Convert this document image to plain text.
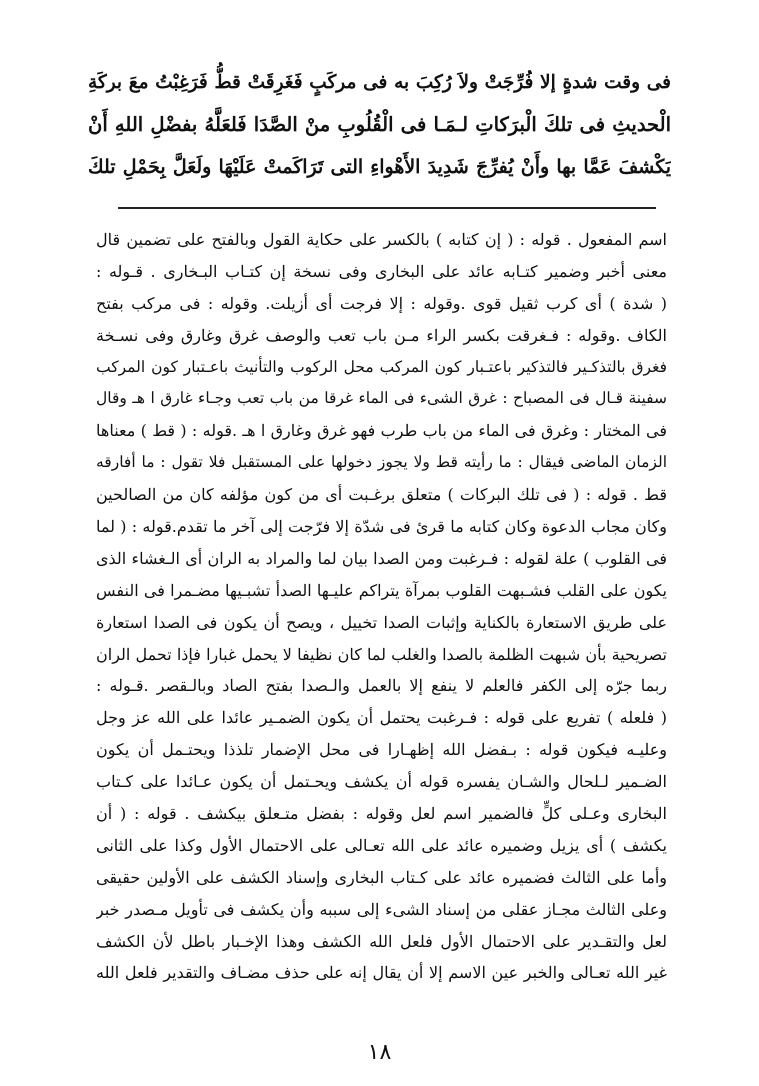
فى وقت شدةٍ إلا فُرِّجَتْ ولاَ رُكِبَ به فى مركَبٍ فَغَرِقَتْ قطُّ فَرَغِبْتُ معَ بركَةِ
الْحديثِ فى تلكَ الْبرَكاتِ لـمَـا فى الْقُلُوبِ منْ الصَّدَا فَلعَلَّهُ بفضْلِ اللهِ أَنْ
يَكْشفَ عَمَّا بها وأَنْ يُفرِّجَ شَدِيدَ الأَهْواءِ التى تَرَاكَمتْ عَلَيْهَا ولَعَلَّ بِحَمْلِ تلكَ
اسم المفعول . قوله : ( إن كتابه ) بالكسر على حكاية القول وبالفتح على تضمين قال
معنى أخبر وضمير كتـابه عائد على البخارى وفى نسخة إن كتـاب البـخارى . قـوله :
( شدة ) أى كرب ثقيل قوى .وقوله : إلا فرجت أى أزيلت. وقوله : فى مركب بفتح
الكاف .وقوله : فـغرقت بكسر الراء مـن باب تعب والوصف غرق وغارق وفى نسـخة
فغرق بالتذكـير فالتذكير باعتـبار كون المركب محل الركوب والتأنيث باعـتبار كون المركب
سفينة قـال فى المصباح : غرق الشىء فى الماء غرقا من باب تعب وجـاء غارق ا هـ وقال
فى المختار : وغرق فى الماء من باب طرب فهو غرق وغارق ا هـ .قوله : ( قط ) معناها
الزمان الماضى فيقال : ما رأيته قط ولا يجوز دخولها على المستقبل فلا تقول : ما أفارقه
قط . قوله : ( فى تلك البركات ) متعلق برغـبت أى من كون مؤلفه كان من الصالحين
وكان مجاب الدعوة وكان كتابه ما قرئ فى شدّة إلا فرّجت إلى آخر ما تقدم.قوله : ( لما
فى القلوب ) علة لقوله : فـرغبت ومن الصدا بيان لما والمراد به الران أى الـغشاء الذى
يكون على القلب فشـبهت القلوب بمرآة يتراكم عليـها الصدأ تشبـيها مضـمرا فى النفس
على طريق الاستعارة بالكناية وإثبات الصدا تخييل ، ويصح أن يكون فى الصدا استعارة
تصريحية بأن شبهت الظلمة بالصدا والغلب لما كان نظيفا لا يحمل غبارا فإذا تحمل الران
ربما جرّه إلى الكفر فالعلم لا ينفع إلا بالعمل والـصدا بفتح الصاد وبالـقصر .قـوله :
( فلعله ) تفريع على قوله : فـرغبت يحتمل أن يكون الضمـير عائدا على الله عز وجل
وعليـه فيكون قوله : بـفضل الله إظهـارا فى محل الإضمار تلذذا ويحتـمل أن يكون
الضـمير لـلحال والشـان يفسره قوله أن يكشف ويحـتمل أن يكون عـائدا على كـتاب
البخارى وعـلى كلٍّ فالضمير اسم لعل وقوله : بفضل متـعلق بيكشف . قوله : ( أن
يكشف ) أى يزيل وضميره عائد على الله تعـالى على الاحتمال الأول وكذا على الثانى
وأما على الثالث فضميره عائد على كـتاب البخارى وإسناد الكشف على الأولين حقيقى
وعلى الثالث مجـاز عقلى من إسناد الشىء إلى سببه وأن يكشف فى تأويل مـصدر خبر
لعل والتقـدير على الاحتمال الأول فلعل الله الكشف وهذا الإخـبار باطل لأن الكشف
غير الله تعـالى والخبر عين الاسم إلا أن يقال إنه على حذف مضـاف والتقدير فلعل الله
١٨
